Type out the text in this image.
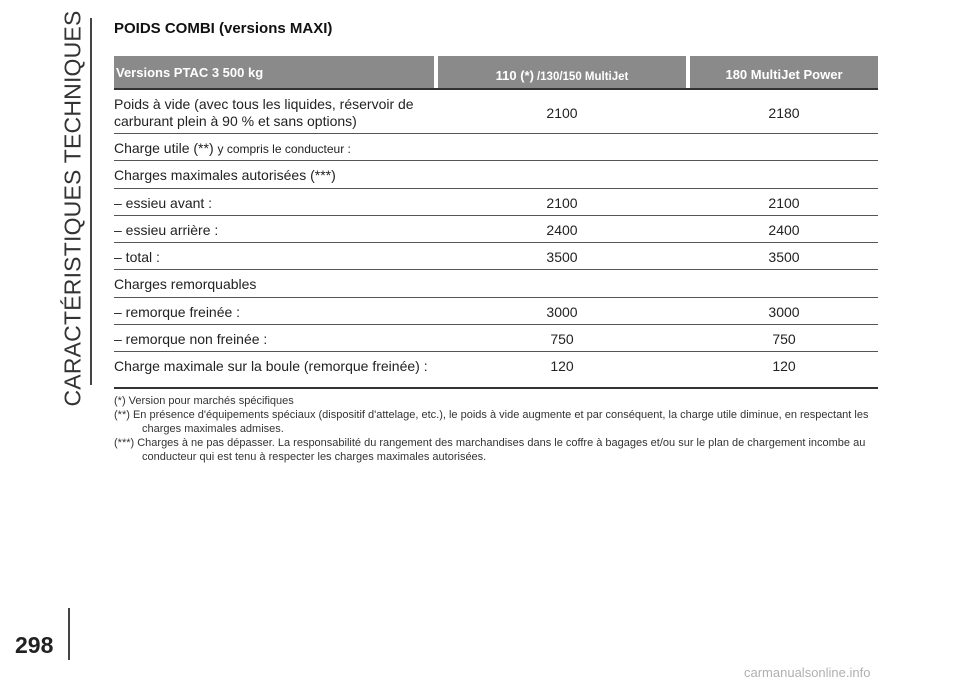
CARACTÉRISTIQUES TECHNIQUES POIDS COMBI (versions MAXI)
Versions PTAC 3 500 kg	110 (*) /130/150 MultiJet	180 MultiJet Power
Poids à vide (avec tous les liquides, réservoir de carburant plein à 90 % et sans options)	2100	2180
Charge utile (**) y compris le conducteur :
Charges maximales autorisées (***)
– essieu avant :	2100	2100
– essieu arrière :	2400	2400
– total :	3500	3500
Charges remorquables
– remorque freinée :	3000	3000
– remorque non freinée :	750	750
Charge maximale sur la boule (remorque freinée) :	120	120
(*) Version pour marchés spécifiques
(**) En présence d'équipements spéciaux (dispositif d'attelage, etc.), le poids à vide augmente et par conséquent, la charge utile diminue, en respectant les charges maximales admises.
(***) Charges à ne pas dépasser. La responsabilité du rangement des marchandises dans le coffre à bagages et/ou sur le plan de chargement incombe au conducteur qui est tenu à respecter les charges maximales autorisées.
298
carmanualsonline.info
